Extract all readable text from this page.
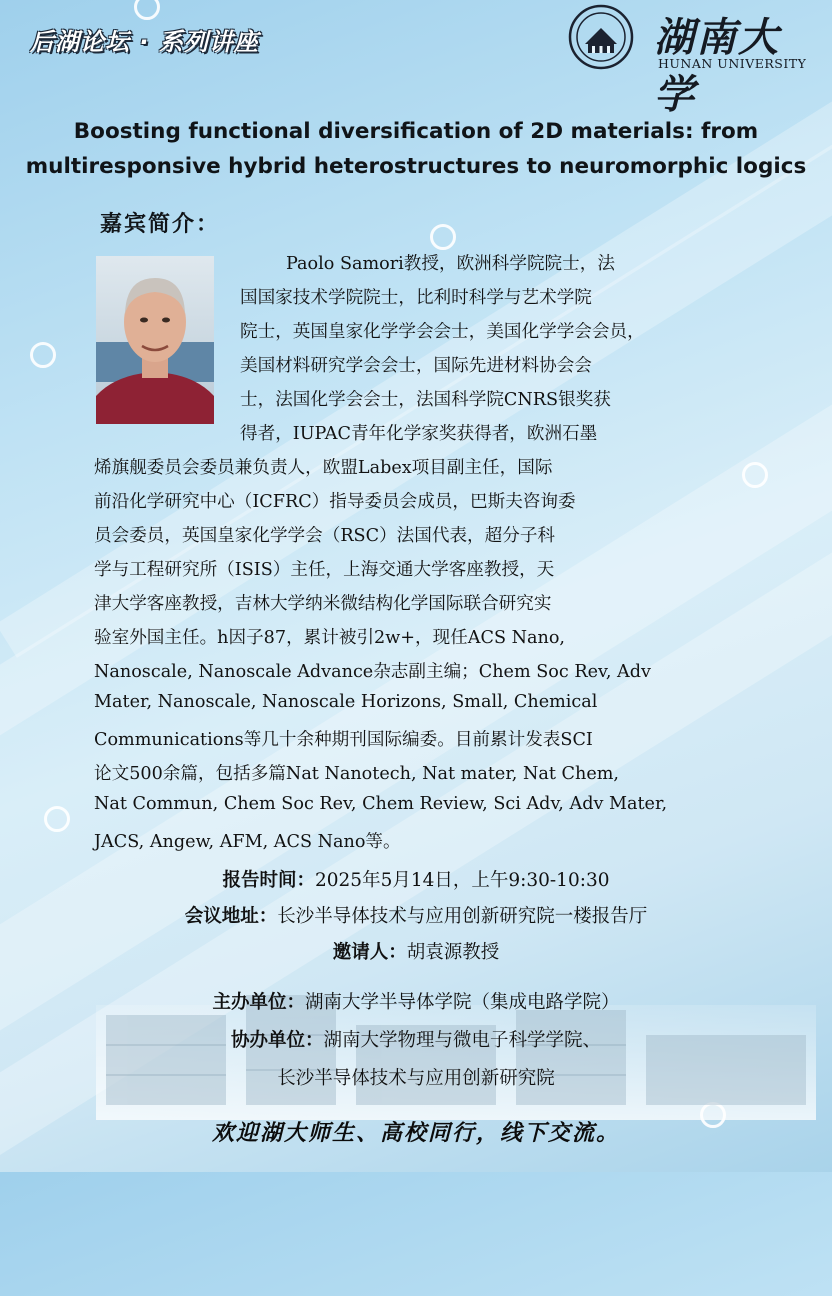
后湖论坛 · 系列讲座	湖南大学
HUNAN UNIVERSITY
Boosting functional diversification of 2D materials: from
multiresponsive hybrid heterostructures to neuromorphic logics
嘉宾简介：
Paolo Samori教授，欧洲科学院院士，法
国国家技术学院院士，比利时科学与艺术学院
院士，英国皇家化学学会会士，美国化学学会会员，
美国材料研究学会会士，国际先进材料协会会
士，法国化学会会士，法国科学院CNRS银奖获
得者，IUPAC青年化学家奖获得者，欧洲石墨
烯旗舰委员会委员兼负责人，欧盟Labex项目副主任，国际
前沿化学研究中心（ICFRC）指导委员会成员，巴斯夫咨询委
员会委员，英国皇家化学学会（RSC）法国代表，超分子科
学与工程研究所（ISIS）主任，上海交通大学客座教授，天
津大学客座教授，吉林大学纳米微结构化学国际联合研究实
验室外国主任。h因子87，累计被引2w+，现任ACS Nano,
Nanoscale, Nanoscale Advance杂志副主编；Chem Soc Rev, Adv
Mater, Nanoscale, Nanoscale Horizons, Small, Chemical
Communications等几十余种期刊国际编委。目前累计发表SCI
论文500余篇，包括多篇Nat Nanotech, Nat mater, Nat Chem,
Nat Commun, Chem Soc Rev, Chem Review, Sci Adv, Adv Mater,
JACS, Angew, AFM, ACS Nano等。
报告时间：2025年5月14日，上午9:30-10:30
会议地址：长沙半导体技术与应用创新研究院一楼报告厅
邀请人：胡袁源教授
主办单位：湖南大学半导体学院（集成电路学院）
协办单位：湖南大学物理与微电子科学学院、
长沙半导体技术与应用创新研究院
欢迎湖大师生、高校同行，线下交流。
